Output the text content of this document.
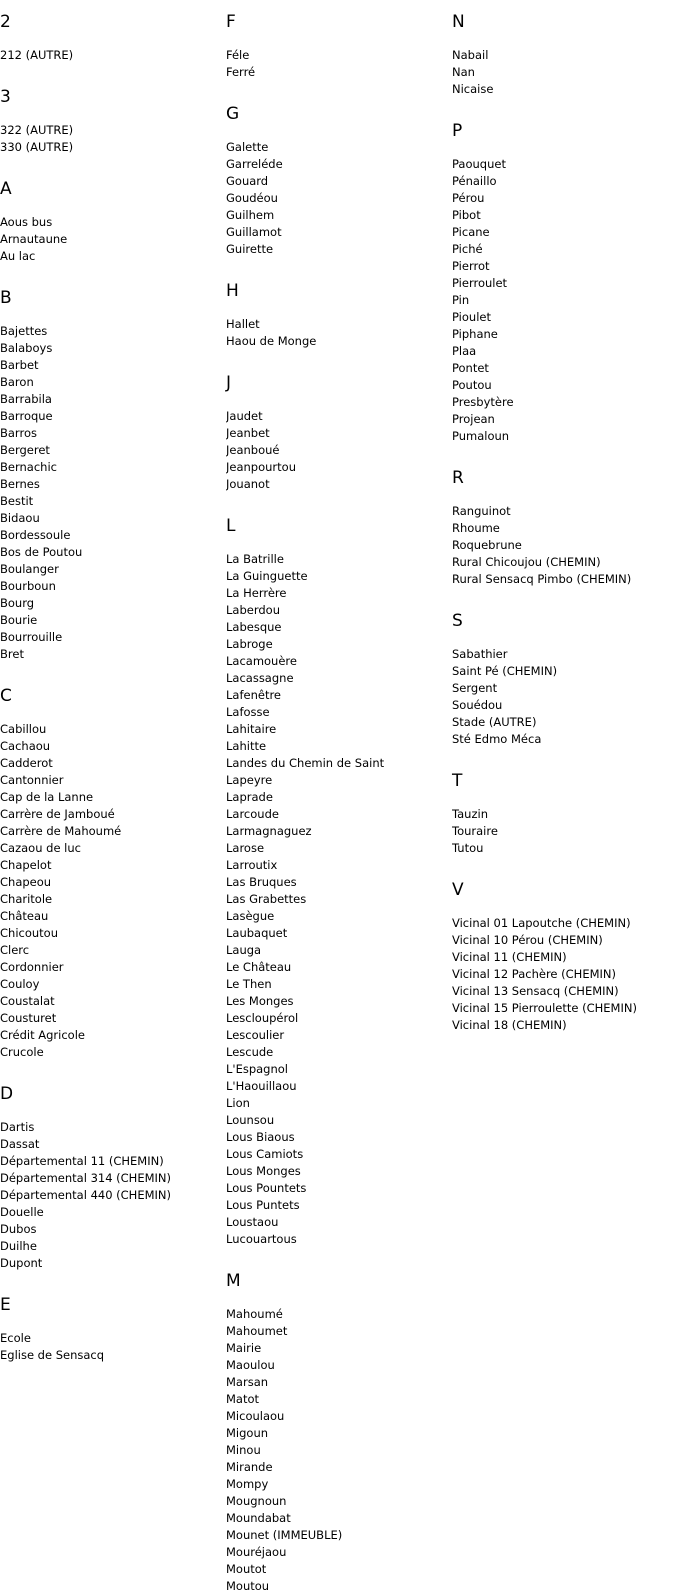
2
212 (AUTRE)
3
322 (AUTRE)
330 (AUTRE)
A
Aous bus
Arnautaune
Au lac
B
Bajettes
Balaboys
Barbet
Baron
Barrabila
Barroque
Barros
Bergeret
Bernachic
Bernes
Bestit
Bidaou
Bordessoule
Bos de Poutou
Boulanger
Bourboun
Bourg
Bourie
Bourrouille
Bret
C
Cabillou
Cachaou
Cadderot
Cantonnier
Cap de la Lanne
Carrère de Jamboué
Carrère de Mahoumé
Cazaou de luc
Chapelot
Chapeou
Charitole
Château
Chicoutou
Clerc
Cordonnier
Couloy
Coustalat
Cousturet
Crédit Agricole
Crucole
D
Dartis
Dassat
Départemental 11 (CHEMIN)
Départemental 314 (CHEMIN)
Départemental 440 (CHEMIN)
Douelle
Dubos
Duilhe
Dupont
E
Ecole
Eglise de Sensacq
F
Féle
Ferré
G
Galette
Garreléde
Gouard
Goudéou
Guilhem
Guillamot
Guirette
H
Hallet
Haou de Monge
J
Jaudet
Jeanbet
Jeanboué
Jeanpourtou
Jouanot
L
La Batrille
La Guinguette
La Herrère
Laberdou
Labesque
Labroge
Lacamouère
Lacassagne
Lafenêtre
Lafosse
Lahitaire
Lahitte
Landes du Chemin de Saint
Lapeyre
Laprade
Larcoude
Larmagnaguez
Larose
Larroutix
Las Bruques
Las Grabettes
Lasègue
Laubaquet
Lauga
Le Château
Le Then
Les Monges
Lescloupérol
Lescoulier
Lescude
L'Espagnol
L'Haouillaou
Lion
Lounsou
Lous Biaous
Lous Camiots
Lous Monges
Lous Pountets
Lous Puntets
Loustaou
Lucouartous
M
Mahoumé
Mahoumet
Mairie
Maoulou
Marsan
Matot
Micoulaou
Migoun
Minou
Mirande
Mompy
Mougnoun
Moundabat
Mounet (IMMEUBLE)
Mouréjaou
Moutot
Moutou
N
Nabail
Nan
Nicaise
P
Paouquet
Pénaillo
Pérou
Pibot
Picane
Piché
Pierrot
Pierroulet
Pin
Pioulet
Piphane
Plaa
Pontet
Poutou
Presbytère
Projean
Pumaloun
R
Ranguinot
Rhoume
Roquebrune
Rural Chicoujou (CHEMIN)
Rural Sensacq Pimbo (CHEMIN)
S
Sabathier
Saint Pé (CHEMIN)
Sergent
Souédou
Stade (AUTRE)
Sté Edmo Méca
T
Tauzin
Touraire
Tutou
V
Vicinal 01 Lapoutche (CHEMIN)
Vicinal 10 Pérou (CHEMIN)
Vicinal 11 (CHEMIN)
Vicinal 12 Pachère (CHEMIN)
Vicinal 13 Sensacq (CHEMIN)
Vicinal 15 Pierroulette (CHEMIN)
Vicinal 18 (CHEMIN)
